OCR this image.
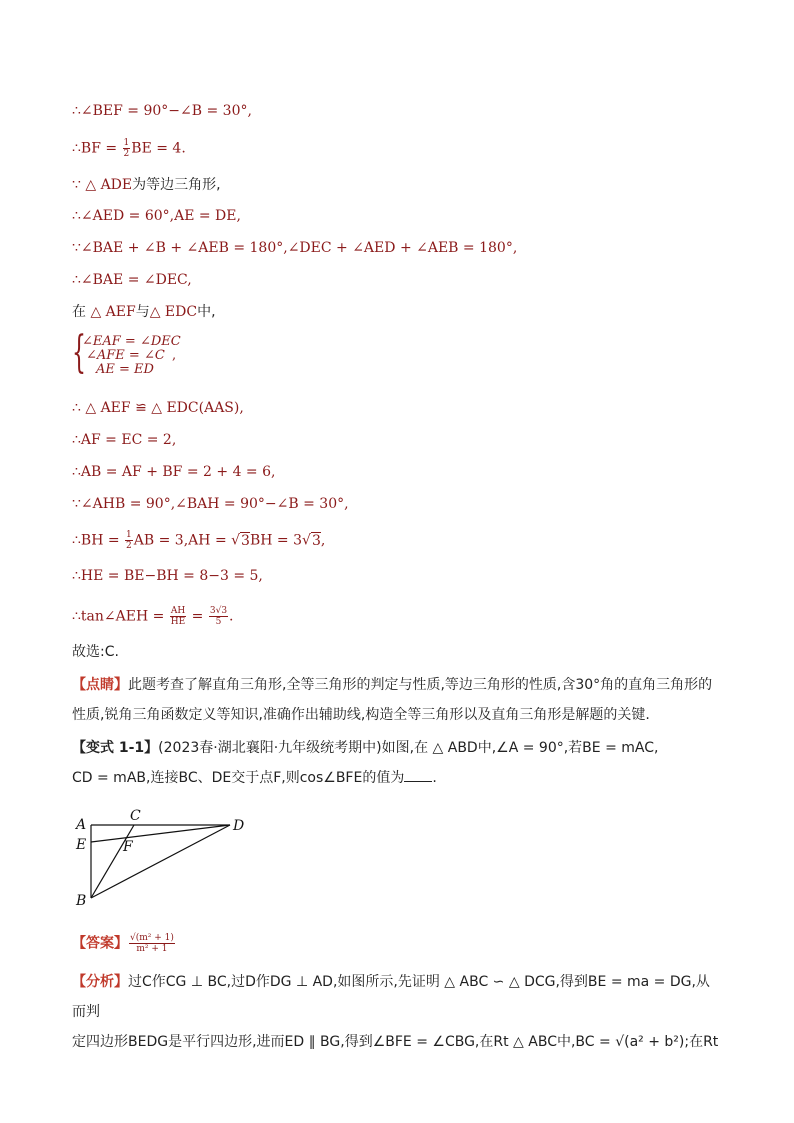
∴∠BEF = 90°−∠B = 30°,
∴BF = $\frac{1}{2}$ BE = 4.
∵ △ ADE为等边三角形,
∴∠AED = 60°,AE = DE,
∵∠BAE + ∠B + ∠AEB = 180°,∠DEC + ∠AED + ∠AEB = 180°,
∴∠BAE = ∠DEC,
在 △ AEF与△ EDC中,
{
∠EAF = ∠DEC
∠AFE = ∠C
AE = ED
,
∴ △ AEF ≌ △ EDC(AAS),
∴AF = EC = 2,
∴AB = AF + BF = 2 + 4 = 6,
∵∠AHB = 90°,∠BAH = 90°−∠B = 30°,
∴BH = $\frac{1}{2}$ AB = 3,AH = √3BH = 3√3,
∴HE = BE−BH = 8−3 = 5,
∴tan∠AEH = $\frac{AH}{HE} = \frac{3√3}{5}$ .
故选:C.
【点睛】此题考查了解直角三角形,全等三角形的判定与性质,等边三角形的性质,含30°角的直角三角形的性质,锐角三角函数定义等知识,准确作出辅助线,构造全等三角形以及直角三角形是解题的关键.
【变式 1-1】(2023春·湖北襄阳·九年级统考期中)如图,在 △ ABD中,∠A = 90°,若BE = mAC,
CD = mAB,连接BC、DE交于点F,则cos∠BFE的值为 .
A
C
D
E	F
B
【答案】 $\frac{\text{√(m² + 1)}}{\text{m² + 1}}$
【分析】过C作CG ⊥ BC,过D作DG ⊥ AD,如图所示,先证明 △ ABC ∽ △ DCG,得到BE = ma = DG,从而判
定四边形BEDG是平行四边形,进而ED ∥ BG,得到∠BFE = ∠CBG,在Rt △ ABC中,BC = √(a² + b²);在Rt
